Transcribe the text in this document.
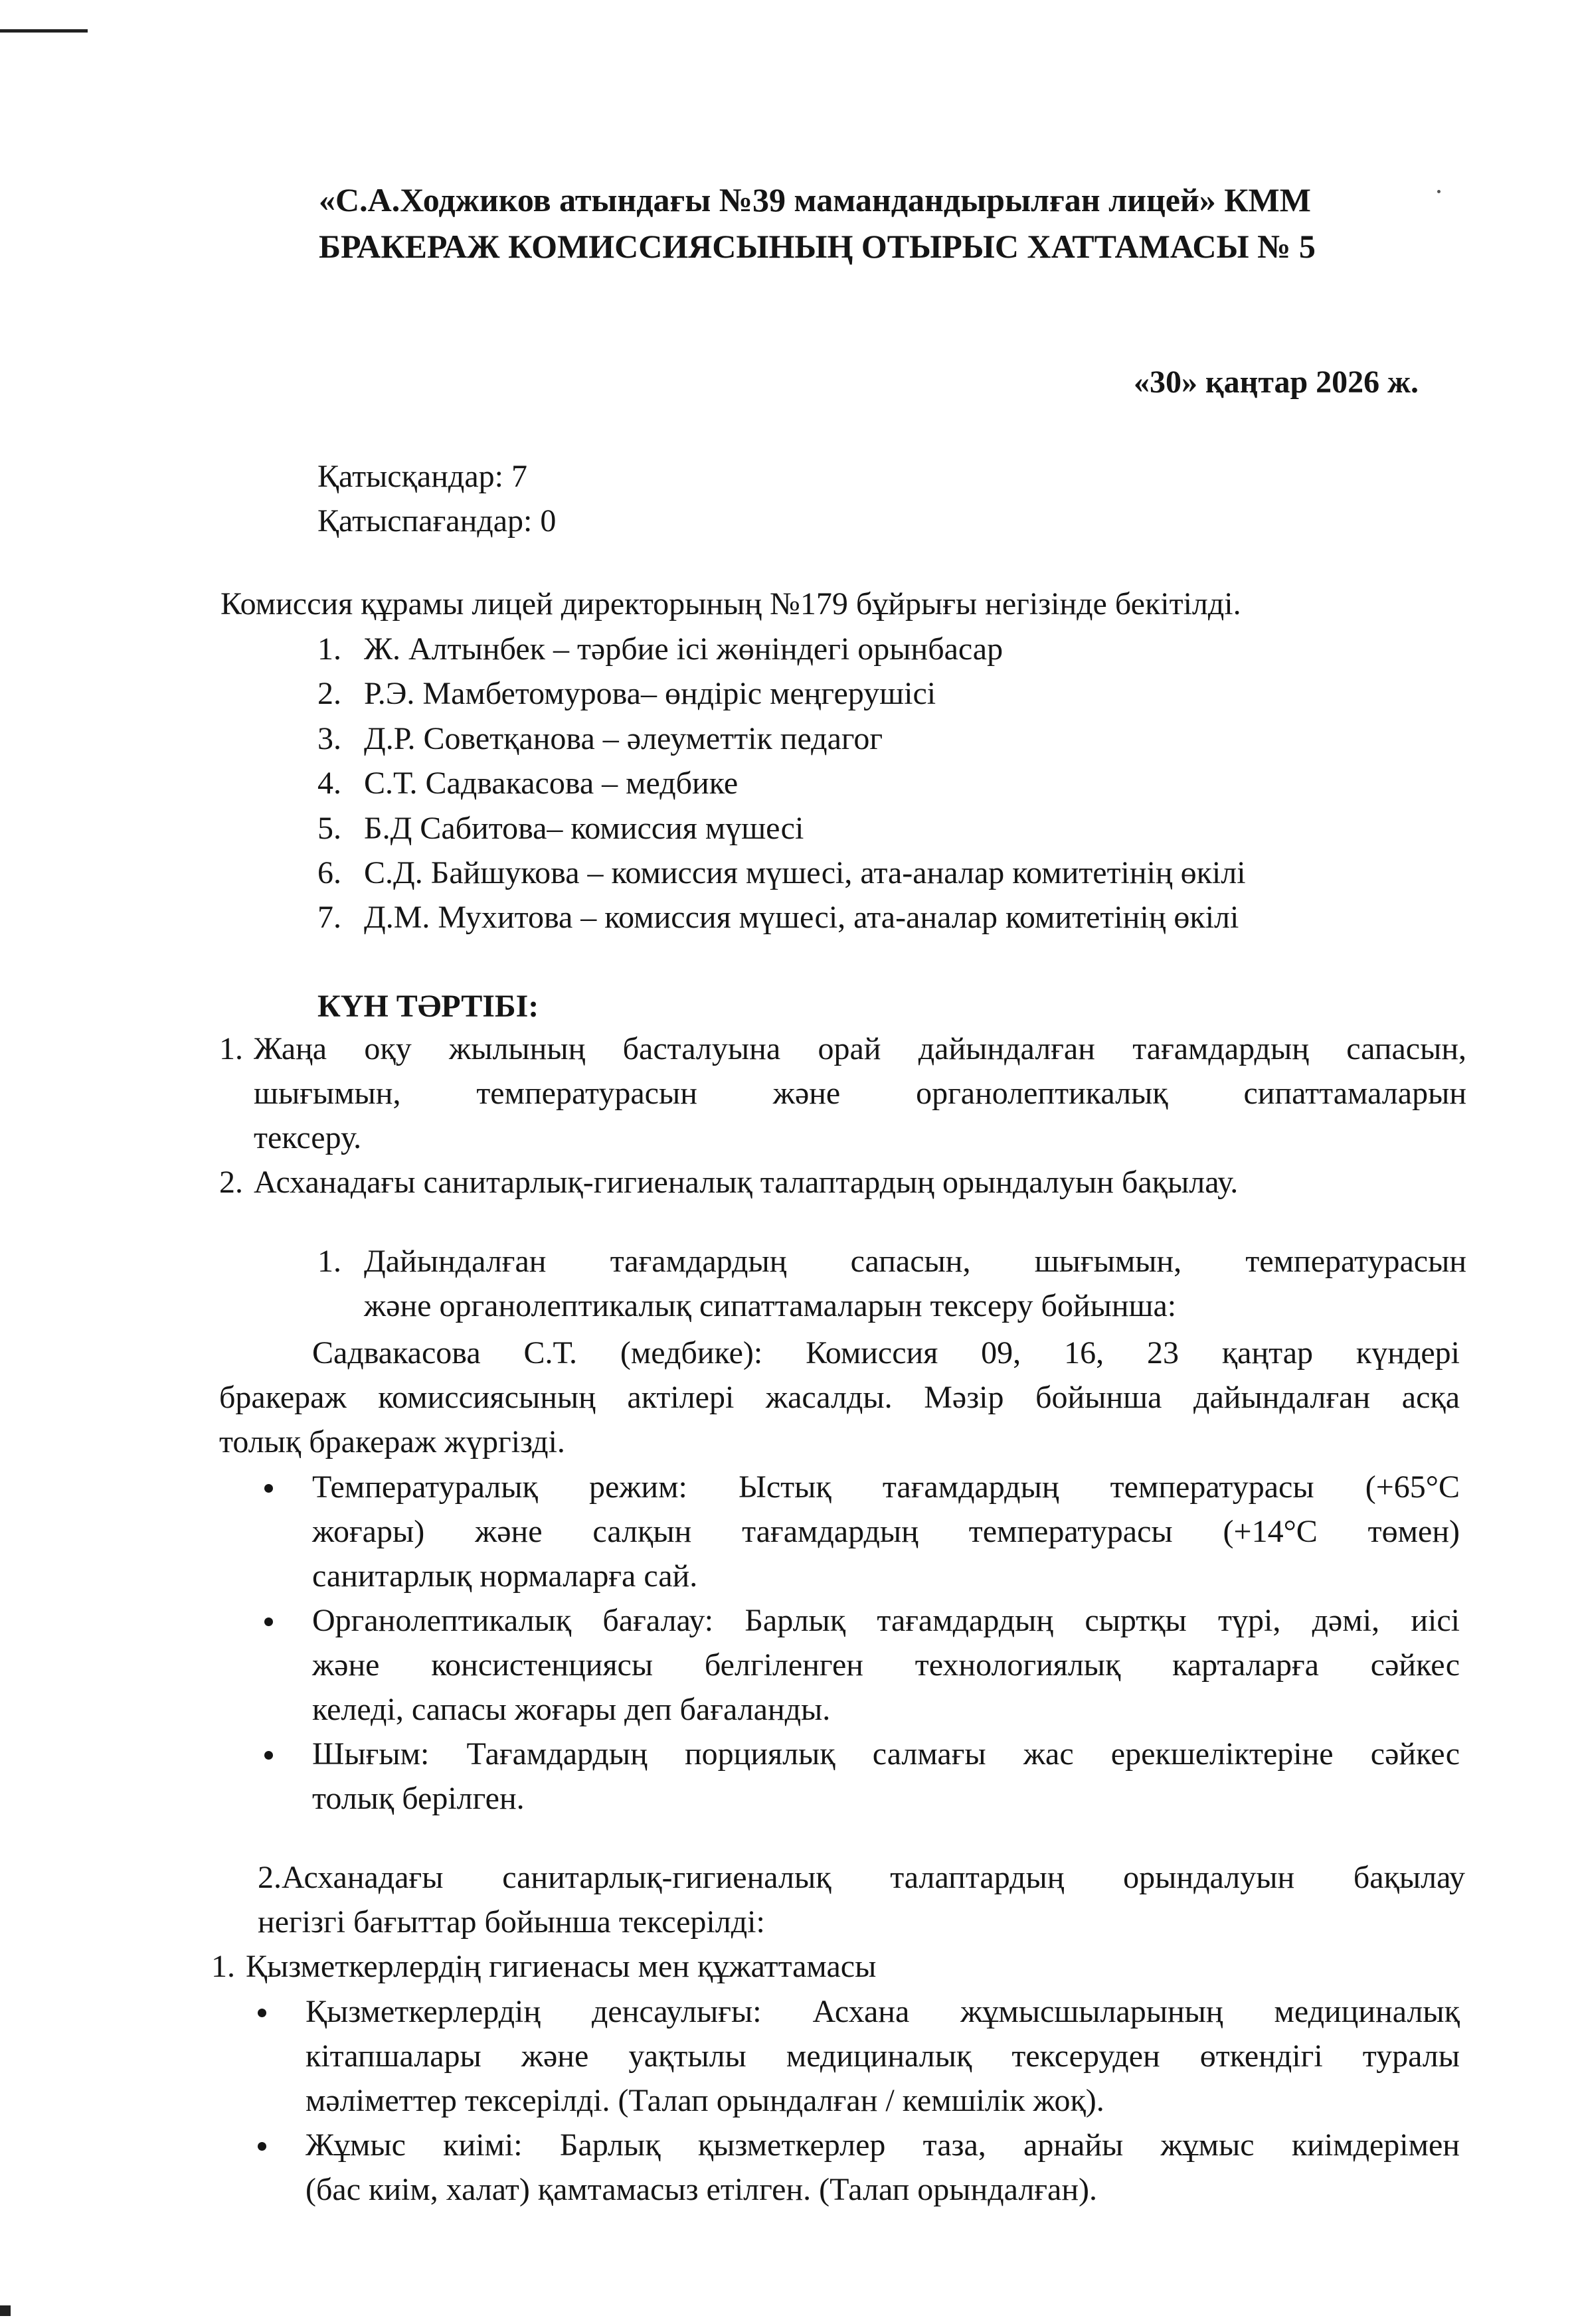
«С.А.Ходжиков атындағы №39 мамандандырылған лицей» КММ
БРАКЕРАЖ КОМИССИЯСЫНЫҢ ОТЫРЫС ХАТТАМАСЫ № 5
«30» қаңтар 2026 ж.
Қатысқандар: 7
Қатыспағандар: 0
Комиссия құрамы лицей директорының №179 бұйрығы негізінде бекітілді.
1. Ж. Алтынбек – тәрбие ісі жөніндегі орынбасар
2. Р.Э. Мамбетомурова– өндіріс меңгерушісі
3. Д.Р. Советқанова – әлеуметтік педагог
4. С.Т. Садвакасова – медбике
5. Б.Д Сабитова– комиссия мүшесі
6. С.Д. Байшукова – комиссия мүшесі, ата-аналар комитетінің өкілі
7. Д.М. Мухитова – комиссия мүшесі, ата-аналар комитетінің өкілі
КҮН ТӘРТІБІ:
1. Жаңа оқу жылының басталуына орай дайындалған тағамдардың сапасын,
шығымын, температурасын және органолептикалық сипаттамаларын
тексеру.
2. Асханадағы санитарлық-гигиеналық талаптардың орындалуын бақылау.
1. Дайындалған тағамдардың сапасын, шығымын, температурасын
және органолептикалық сипаттамаларын тексеру бойынша:
Садвакасова С.Т. (медбике): Комиссия 09, 16, 23 қаңтар күндері
бракераж комиссиясының актілері жасалды. Мәзір бойынша дайындалған асқа
толық бракераж жүргізді.
Температуралық режим: Ыстық тағамдардың температурасы (+65°С
жоғары) және салқын тағамдардың температурасы (+14°С төмен)
санитарлық нормаларға сай.
Органолептикалық бағалау: Барлық тағамдардың сыртқы түрі, дәмі, иісі
және консистенциясы белгіленген технологиялық карталарға сәйкес
келеді, сапасы жоғары деп бағаланды.
Шығым: Тағамдардың порциялық салмағы жас ерекшеліктеріне сәйкес
толық берілген.
2.Асханадағы санитарлық-гигиеналық талаптардың орындалуын бақылау
негізгі бағыттар бойынша тексерілді:
1. Қызметкерлердің гигиенасы мен құжаттамасы
Қызметкерлердің денсаулығы: Асхана жұмысшыларының медициналық
кітапшалары және уақтылы медициналық тексеруден өткендігі туралы
мәліметтер тексерілді. (Талап орындалған / кемшілік жоқ).
Жұмыс киімі: Барлық қызметкерлер таза, арнайы жұмыс киімдерімен
(бас киім, халат) қамтамасыз етілген. (Талап орындалған).
